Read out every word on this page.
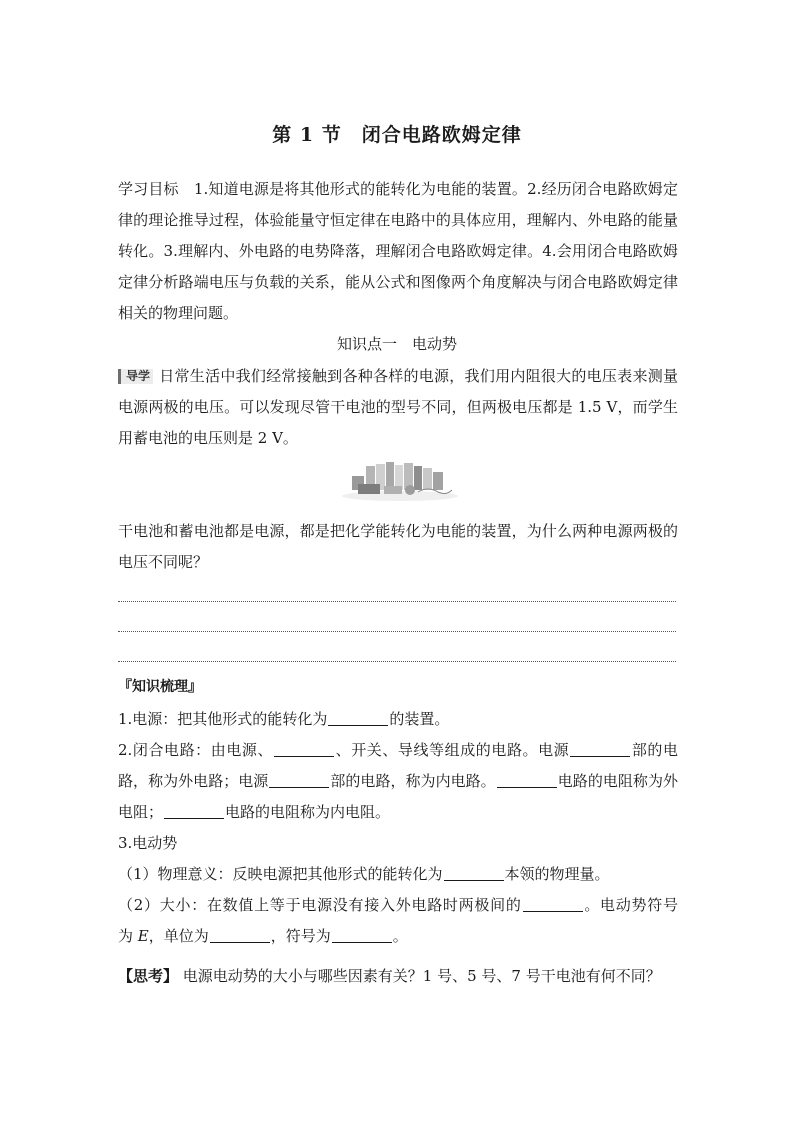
第 1 节　闭合电路欧姆定律
学习目标　 1.知道电源是将其他形式的能转化为电能的装置。2.经历闭合电路欧姆定律的理论推导过程，体验能量守恒定律在电路中的具体应用，理解内、外电路的能量转化。3.理解内、外电路的电势降落，理解闭合电路欧姆定律。4.会用闭合电路欧姆定律分析路端电压与负载的关系，能从公式和图像两个角度解决与闭合电路欧姆定律相关的物理问题。
知识点一　电动势
导学 日常生活中我们经常接触到各种各样的电源，我们用内阻很大的电压表来测量电源两极的电压。可以发现尽管干电池的型号不同，但两极电压都是 1.5 V，而学生用蓄电池的电压则是 2 V。
干电池和蓄电池都是电源，都是把化学能转化为电能的装置，为什么两种电源两极的电压不同呢？
『知识梳理』
1.电源：把其他形式的能转化为	的装置。
2.闭合电路：由电源、	、开关、导线等组成的电路。电源	部的电路，称为外电路；电源	部的电路，称为内电路。	电路的电阻称为外电阻；	电路的电阻称为内电阻。
3.电动势
（1）物理意义：反映电源把其他形式的能转化为	本领的物理量。
（2）大小：在数值上等于电源没有接入外电路时两极间的	。电动势符号为 E，单位为	，符号为	。
【思考】 电源电动势的大小与哪些因素有关？1 号、5 号、7 号干电池有何不同？
